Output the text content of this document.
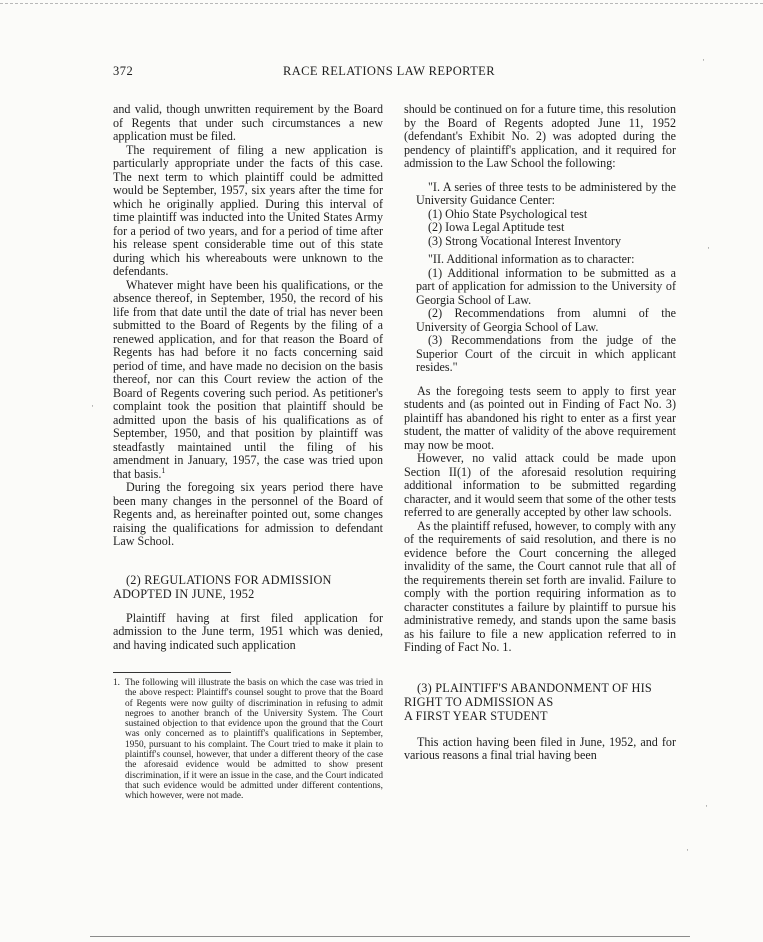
372	RACE RELATIONS LAW REPORTER

and valid, though unwritten requirement by the Board of Regents that under such circumstances a new application must be filed.

The requirement of filing a new application is particularly appropriate under the facts of this case. The next term to which plaintiff could be admitted would be September, 1957, six years after the time for which he originally applied. During this interval of time plaintiff was inducted into the United States Army for a period of two years, and for a period of time after his release spent considerable time out of this state during which his whereabouts were unknown to the defendants.

Whatever might have been his qualifications, or the absence thereof, in September, 1950, the record of his life from that date until the date of trial has never been submitted to the Board of Regents by the filing of a renewed application, and for that reason the Board of Regents has had before it no facts concerning said period of time, and have made no decision on the basis thereof, nor can this Court review the action of the Board of Regents covering such period. As petitioner's complaint took the position that plaintiff should be admitted upon the basis of his qualifications as of September, 1950, and that position by plaintiff was steadfastly maintained until the filing of his amendment in January, 1957, the case was tried upon that basis.$^1$

During the foregoing six years period there have been many changes in the personnel of the Board of Regents and, as hereinafter pointed out, some changes raising the qualifications for admission to defendant Law School.

(2) REGULATIONS FOR ADMISSION
ADOPTED IN JUNE, 1952

Plaintiff having at first filed application for admission to the June term, 1951 which was denied, and having indicated such application

1. The following will illustrate the basis on which the case was tried in the above respect: Plaintiff's counsel sought to prove that the Board of Regents were now guilty of discrimination in refusing to admit negroes to another branch of the University System. The Court sustained objection to that evidence upon the ground that the Court was only concerned as to plaintiff's qualifications in September, 1950, pursuant to his complaint. The Court tried to make it plain to plaintiff's counsel, however, that under a different theory of the case the aforesaid evidence would be admitted to show present discrimination, if it were an issue in the case, and the Court indicated that such evidence would be admitted under different contentions, which however, were not made.

should be continued on for a future time, this resolution by the Board of Regents adopted June 11, 1952 (defendant's Exhibit No. 2) was adopted during the pendency of plaintiff's application, and it required for admission to the Law School the following:

"I. A series of three tests to be administered by the University Guidance Center:

(1) Ohio State Psychological test

(2) Iowa Legal Aptitude test

(3) Strong Vocational Interest Inventory

"II. Additional information as to character:

(1) Additional information to be submitted as a part of application for admission to the University of Georgia School of Law.

(2) Recommendations from alumni of the University of Georgia School of Law.

(3) Recommendations from the judge of the Superior Court of the circuit in which applicant resides."

As the foregoing tests seem to apply to first year students and (as pointed out in Finding of Fact No. 3) plaintiff has abandoned his right to enter as a first year student, the matter of validity of the above requirement may now be moot.

However, no valid attack could be made upon Section II(1) of the aforesaid resolution requiring additional information to be submitted regarding character, and it would seem that some of the other tests referred to are generally accepted by other law schools.

As the plaintiff refused, however, to comply with any of the requirements of said resolution, and there is no evidence before the Court concerning the alleged invalidity of the same, the Court cannot rule that all of the requirements therein set forth are invalid. Failure to comply with the portion requiring information as to character constitutes a failure by plaintiff to pursue his administrative remedy, and stands upon the same basis as his failure to file a new application referred to in Finding of Fact No. 1.

(3) PLAINTIFF'S ABANDONMENT OF HIS
RIGHT TO ADMISSION AS
A FIRST YEAR STUDENT

This action having been filed in June, 1952, and for various reasons a final trial having been

·
·
·
·
·
